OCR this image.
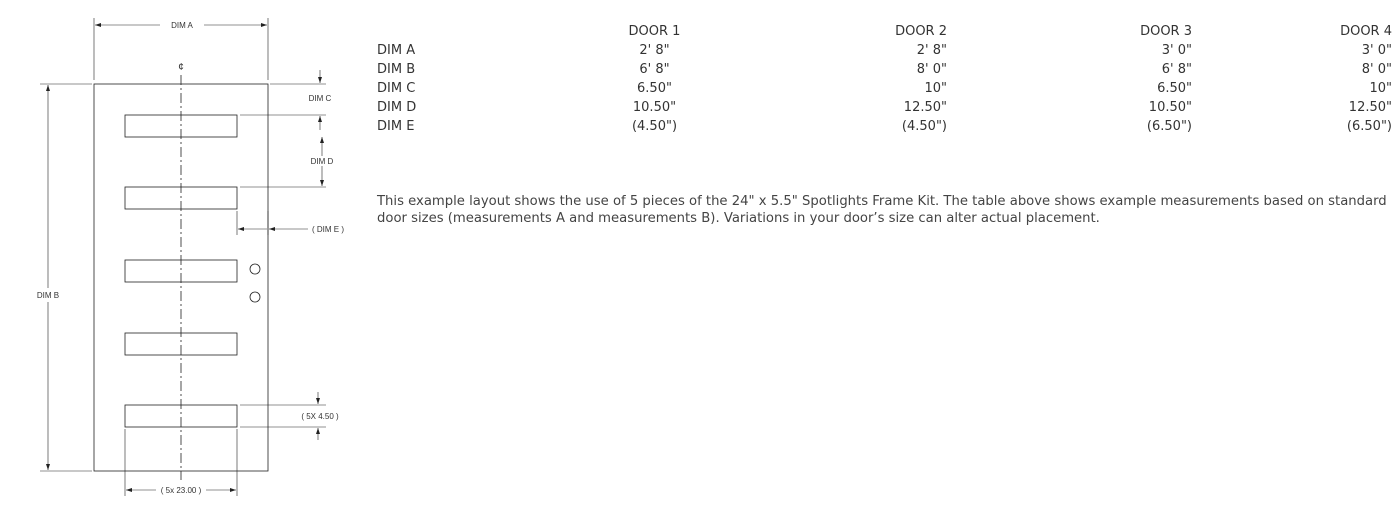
DIM A
¢
DIM B
DIM C
DIM D
( DIM E )
( 5X 4.50 )
( 5x 23.00 )
	DOOR 1	DOOR 2	DOOR 3	DOOR 4
DIM A	2' 8"	2' 8"	3' 0"	3' 0"
DIM B	6' 8"	8' 0"	6' 8"	8' 0"
DIM C	6.50"	10"	6.50"	10"
DIM D	10.50"	12.50"	10.50"	12.50"
DIM E	(4.50")	(4.50")	(6.50")	(6.50")

This example layout shows the use of 5 pieces of the 24" x 5.5" Spotlights Frame Kit. The table above shows example measurements based on standard door sizes (measurements A and measurements B). Variations in your door’s size can alter actual placement.
